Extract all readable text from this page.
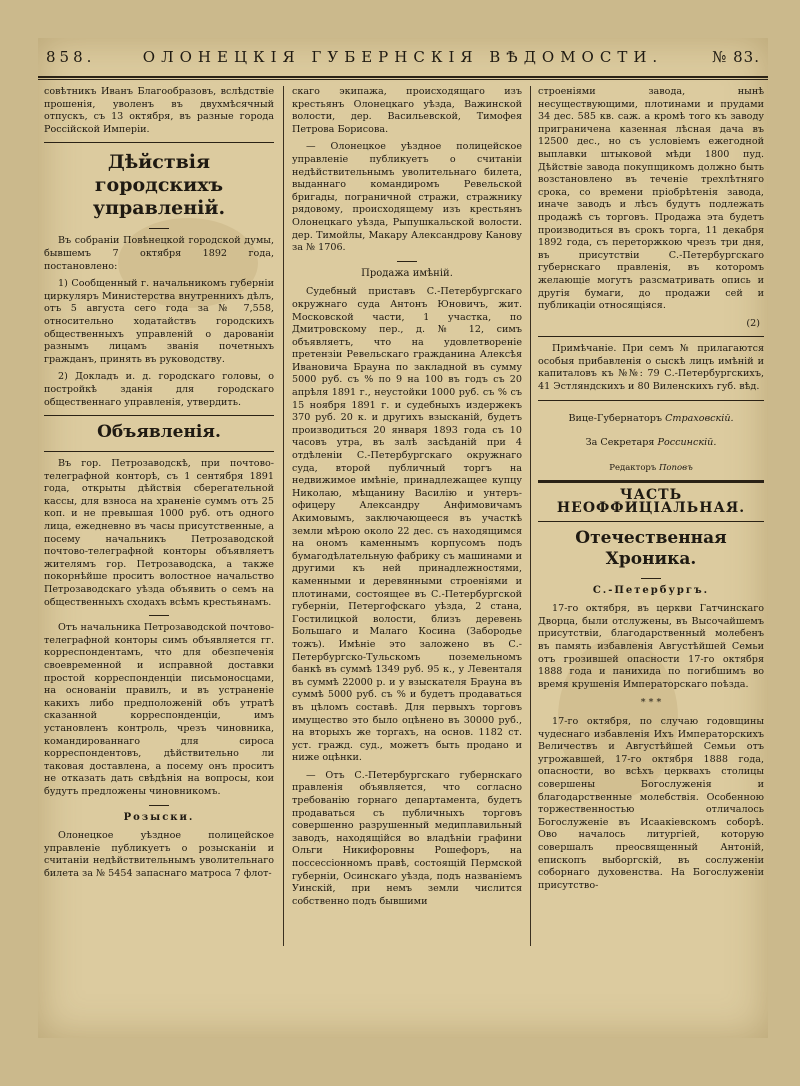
858.	ОЛОНЕЦКІЯ ГУБЕРНСКІЯ ВѢДОМОСТИ.	№ 83.

совѣтникъ Иванъ Благообразовъ, вслѣдствіе прошенія, уволенъ въ двухмѣсячный отпускъ, съ 13 октября, въ разные города Россійской Имперіи.

Дѣйствія городскихъ управленій.

Въ собраніи Повѣнецкой городской думы, бывшемъ 7 октября 1892 года, постановлено:

1) Сообщенный г. начальникомъ губерніи циркуляръ Министерства внутреннихъ дѣлъ, отъ 5 августа сего года за № 7,558, относительно ходатайствъ городскихъ общественныхъ управленій о дарованіи разнымъ лицамъ званія почетныхъ гражданъ, принять въ руководству.

2) Докладъ и. д. городскаго головы, о постройкѣ зданія для городскаго общественнаго управленія, утвердить.

Объявленія.

Въ гор. Петрозаводскѣ, при почтово-телеграфной конторѣ, съ 1 сентября 1891 года, открыты дѣйствія сберегательной кассы, для взноса на храненіе суммъ отъ 25 коп. и не превышая 1000 руб. отъ одного лица, ежедневно въ часы присутственные, а посему начальникъ Петрозаводской почтово-телеграфной конторы объявляетъ жителямъ гор. Петрозаводска, а также покорнѣйше проситъ волостное начальство Петрозаводскаго уѣзда объявить о семъ на общественныхъ сходахъ всѣмъ крестьянамъ.

Отъ начальника Петрозаводской почтово-телеграфной конторы симъ объявляется гг. корреспондентамъ, что для обезпеченія своевременной и исправной доставки простой корреспонденціи письмоносцами, на основаніи правилъ, и въ устраненіе какихъ либо предположеній объ утратѣ сказанной корреспонденціи, имъ установленъ контроль, чрезъ чиновника, командированнаго для сироса корреспондентовъ, дѣйствительно ли таковая доставлена, а посему онъ проситъ не отказать дать свѣдѣнія на вопросы, кои будутъ предложены чиновникомъ.

Розыски.

Олонецкое уѣздное полицейское управленіе публикуетъ о розысканіи и считаніи недѣйствительнымъ уволительнаго билета за № 5454 запаснаго матроса 7 флот-

скаго экипажа, происходящаго изъ крестьянъ Олонецкаго уѣзда, Важинской волости, дер. Васильевской, Тимофея Петрова Борисова.

— Олонецкое уѣздное полицейское управленіе публикуетъ о считаніи недѣйствительнымъ уволительнаго билета, выданнаго командиромъ Ревельской бригады, пограничной стражи, стражнику рядовому, происходящему изъ крестьянъ Олонецкаго уѣзда, Рыпушкальской волости. дер. Тимойлы, Макару Александрову Канову за № 1706.

Продажа имѣній.

Судебный приставъ С.-Петербургскаго окружнаго суда Антонъ Юновичъ, жит. Московской части, 1 участка, по Дмитровскому пер., д. № 12, симъ объявляетъ, что на удовлетвореніе претензіи Ревельскаго гражданина Алексѣя Ивановича Брауна по закладной въ сумму 5000 руб. съ % по 9 на 100 въ годъ съ 20 апрѣля 1891 г., неустойки 1000 руб. съ % съ 15 ноября 1891 г. и судебныхъ издержекъ 370 руб. 20 к. и другихъ взысканій, будетъ производиться 20 января 1893 года съ 10 часовъ утра, въ залѣ засѣданій при 4 отдѣленіи С.-Петербургскаго окружнаго суда, второй публичный торгъ на недвижимое имѣніе, принадлежащее купцу Николаю, мѣщанину Василію и унтеръ-офицеру Александру Анфимовичамъ Акимовымъ, заключающееся въ участкѣ земли мѣрою около 22 дес. съ находящимся на ономъ каменнымъ корпусомъ подъ бумагодѣлательную фабрику съ машинами и другими къ ней принадлежностями, каменными и деревянными строеніями и плотинами, состоящее въ С.-Петербургской губерніи, Петергофскаго уѣзда, 2 стана, Гостилицкой волости, близъ деревень Большаго и Малаго Косина (Забородье тожъ). Имѣніе это заложено въ С.-Петербургско-Тульскомъ поземельномъ банкѣ въ суммѣ 1349 руб. 95 к., у Левенталя въ суммѣ 22000 р. и у взыскателя Брауна въ суммѣ 5000 руб. съ % и будетъ продаваться въ цѣломъ составѣ. Для первыхъ торговъ имущество это было оцѣнено въ 30000 руб., на вторыхъ же торгахъ, на основ. 1182 ст. уст. гражд. суд., можетъ быть продано и ниже оцѣнки.

— Отъ С.-Петербургскаго губернскаго правленія объявляется, что согласно требованію горнаго департамента, будетъ продаваться съ публичныхъ торговъ совершенно разрушенный медиплавильный заводъ, находящійся во владѣніи графини Ольги Никифоровны Рошефоръ, на поссессіонномъ правѣ, состоящій Пермской губерніи, Осинскаго уѣзда, подъ названіемъ Уинскій, при немъ земли числится собственно подъ бывшими

строеніями завода, нынѣ несуществующими, плотинами и прудами 34 дес. 585 кв. саж. а кромѣ того къ заводу приграничена казенная лѣсная дача въ 12500 дес., но съ условіемъ ежегодной выплавки штыковой мѣди 1800 пуд. Дѣйствіе завода покупщикомъ должно быть возстановлено въ теченіе трехлѣтняго срока, со времени пріобрѣтенія завода, иначе заводъ и лѣсъ будутъ подлежать продажѣ съ торговъ. Продажа эта будетъ производиться въ срокъ торга, 11 декабря 1892 года, съ переторжкою чрезъ три дня, въ присутствіи С.-Петербургскаго губернскаго правленія, въ которомъ желающіе могутъ разсматривать опись и другія бумаги, до продажи сей и публикаціи относящіяся.

(2)

Примѣчаніе. При семъ № прилагаются особыя прибавленія о сыскѣ лицъ имѣній и капиталовъ къ №№: 79 С.-Петербургскихъ, 41 Эстляндскихъ и 80 Виленскихъ губ. вѣд.

Вице-Губернаторъ Страховскій.
За Секретаря Россинскій.
Редакторъ Поповъ
ЧАСТЬ НЕОФФИЦІАЛЬНАЯ.
Отечественная Хроника.
С.-Петербургъ.

17-го октября, въ церкви Гатчинскаго Дворца, были отслужены, въ Высочайшемъ присутствіи, благодарственный молебенъ въ память избавленія Августѣйшей Семьи отъ грозившей опасности 17-го октября 1888 года и панихида по погибшимъ во время крушенія Императорскаго поѣзда.

* * *

17-го октября, по случаю годовщины чудеснаго избавленія Ихъ Императорскихъ Величествъ и Августѣйшей Семьи отъ угрожавшей, 17-го октября 1888 года, опасности, во всѣхъ церквахъ столицы совершены Богослуженія и благодарственные молебствія. Особенною торжественностью отличалось Богослуженіе въ Исаакіевскомъ соборѣ. Ово началось литургіей, которую совершалъ преосвященный Антоній, епископъ выборгскій, въ сослуженіи соборнаго духовенства. На Богослуженіи присутство-
